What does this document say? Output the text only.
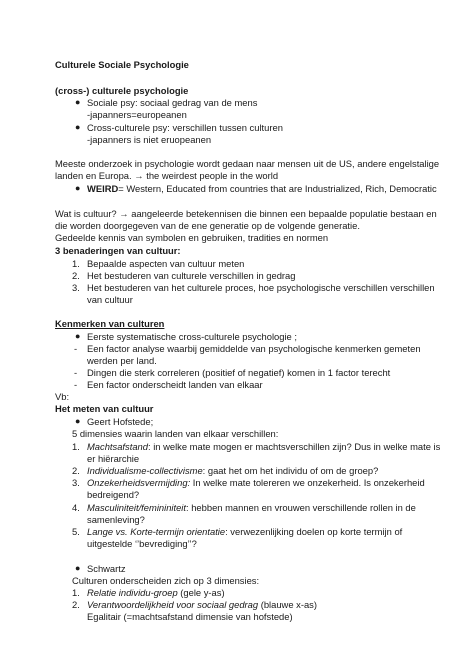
Culturele Sociale Psychologie
(cross-) culturele psychologie
● Sociale psy: sociaal gedrag van de mens
-japanners=europeanen
● Cross-culturele psy: verschillen tussen culturen
-japanners is niet eruopeanen
Meeste onderzoek in psychologie wordt gedaan naar mensen uit de US, andere engelstalige
landen en Europa. → the weirdest people in the world
● WEIRD= Western, Educated from countries that are Industrialized, Rich, Democratic
Wat is cultuur? → aangeleerde betekennisen die binnen een bepaalde populatie bestaan en
die worden doorgegeven van de ene generatie op de volgende generatie.
Gedeelde kennis van symbolen en gebruiken, tradities en normen
3 benaderingen van cultuur:
1. Bepaalde aspecten van cultuur meten
2. Het bestuderen van culturele verschillen in gedrag
3. Het bestuderen van het culturele proces, hoe psychologische verschillen verschillen
van cultuur
Kenmerken van culturen
● Eerste systematische cross-culturele psychologie ;
- Een factor analyse waarbij gemiddelde van psychologische kenmerken gemeten
werden per land.
- Dingen die sterk correleren (positief of negatief) komen in 1 factor terecht
- Een factor onderscheidt landen van elkaar
Vb:
Het meten van cultuur
● Geert Hofstede;
5 dimensies waarin landen van elkaar verschillen:
1. Machtsafstand: in welke mate mogen er machtsverschillen zijn? Dus in welke mate is
er hiërarchie
2. Individualisme-collectivisme: gaat het om het individu of om de groep?
3. Onzekerheidsvermijding: In welke mate tolereren we onzekerheid. Is onzekerheid
bedreigend?
4. Masculiniteit/femininiteit: hebben mannen en vrouwen verschillende rollen in de
samenleving?
5. Lange vs. Korte-termijn orientatie: verwezenlijking doelen op korte termijn of
uitgestelde ‘’bevrediging’’?
● Schwartz
Culturen onderscheiden zich op 3 dimensies:
1. Relatie individu-groep (gele y-as)
2. Verantwoordelijkheid voor sociaal gedrag (blauwe x-as)
Egalitair (=machtsafstand dimensie van hofstede)
